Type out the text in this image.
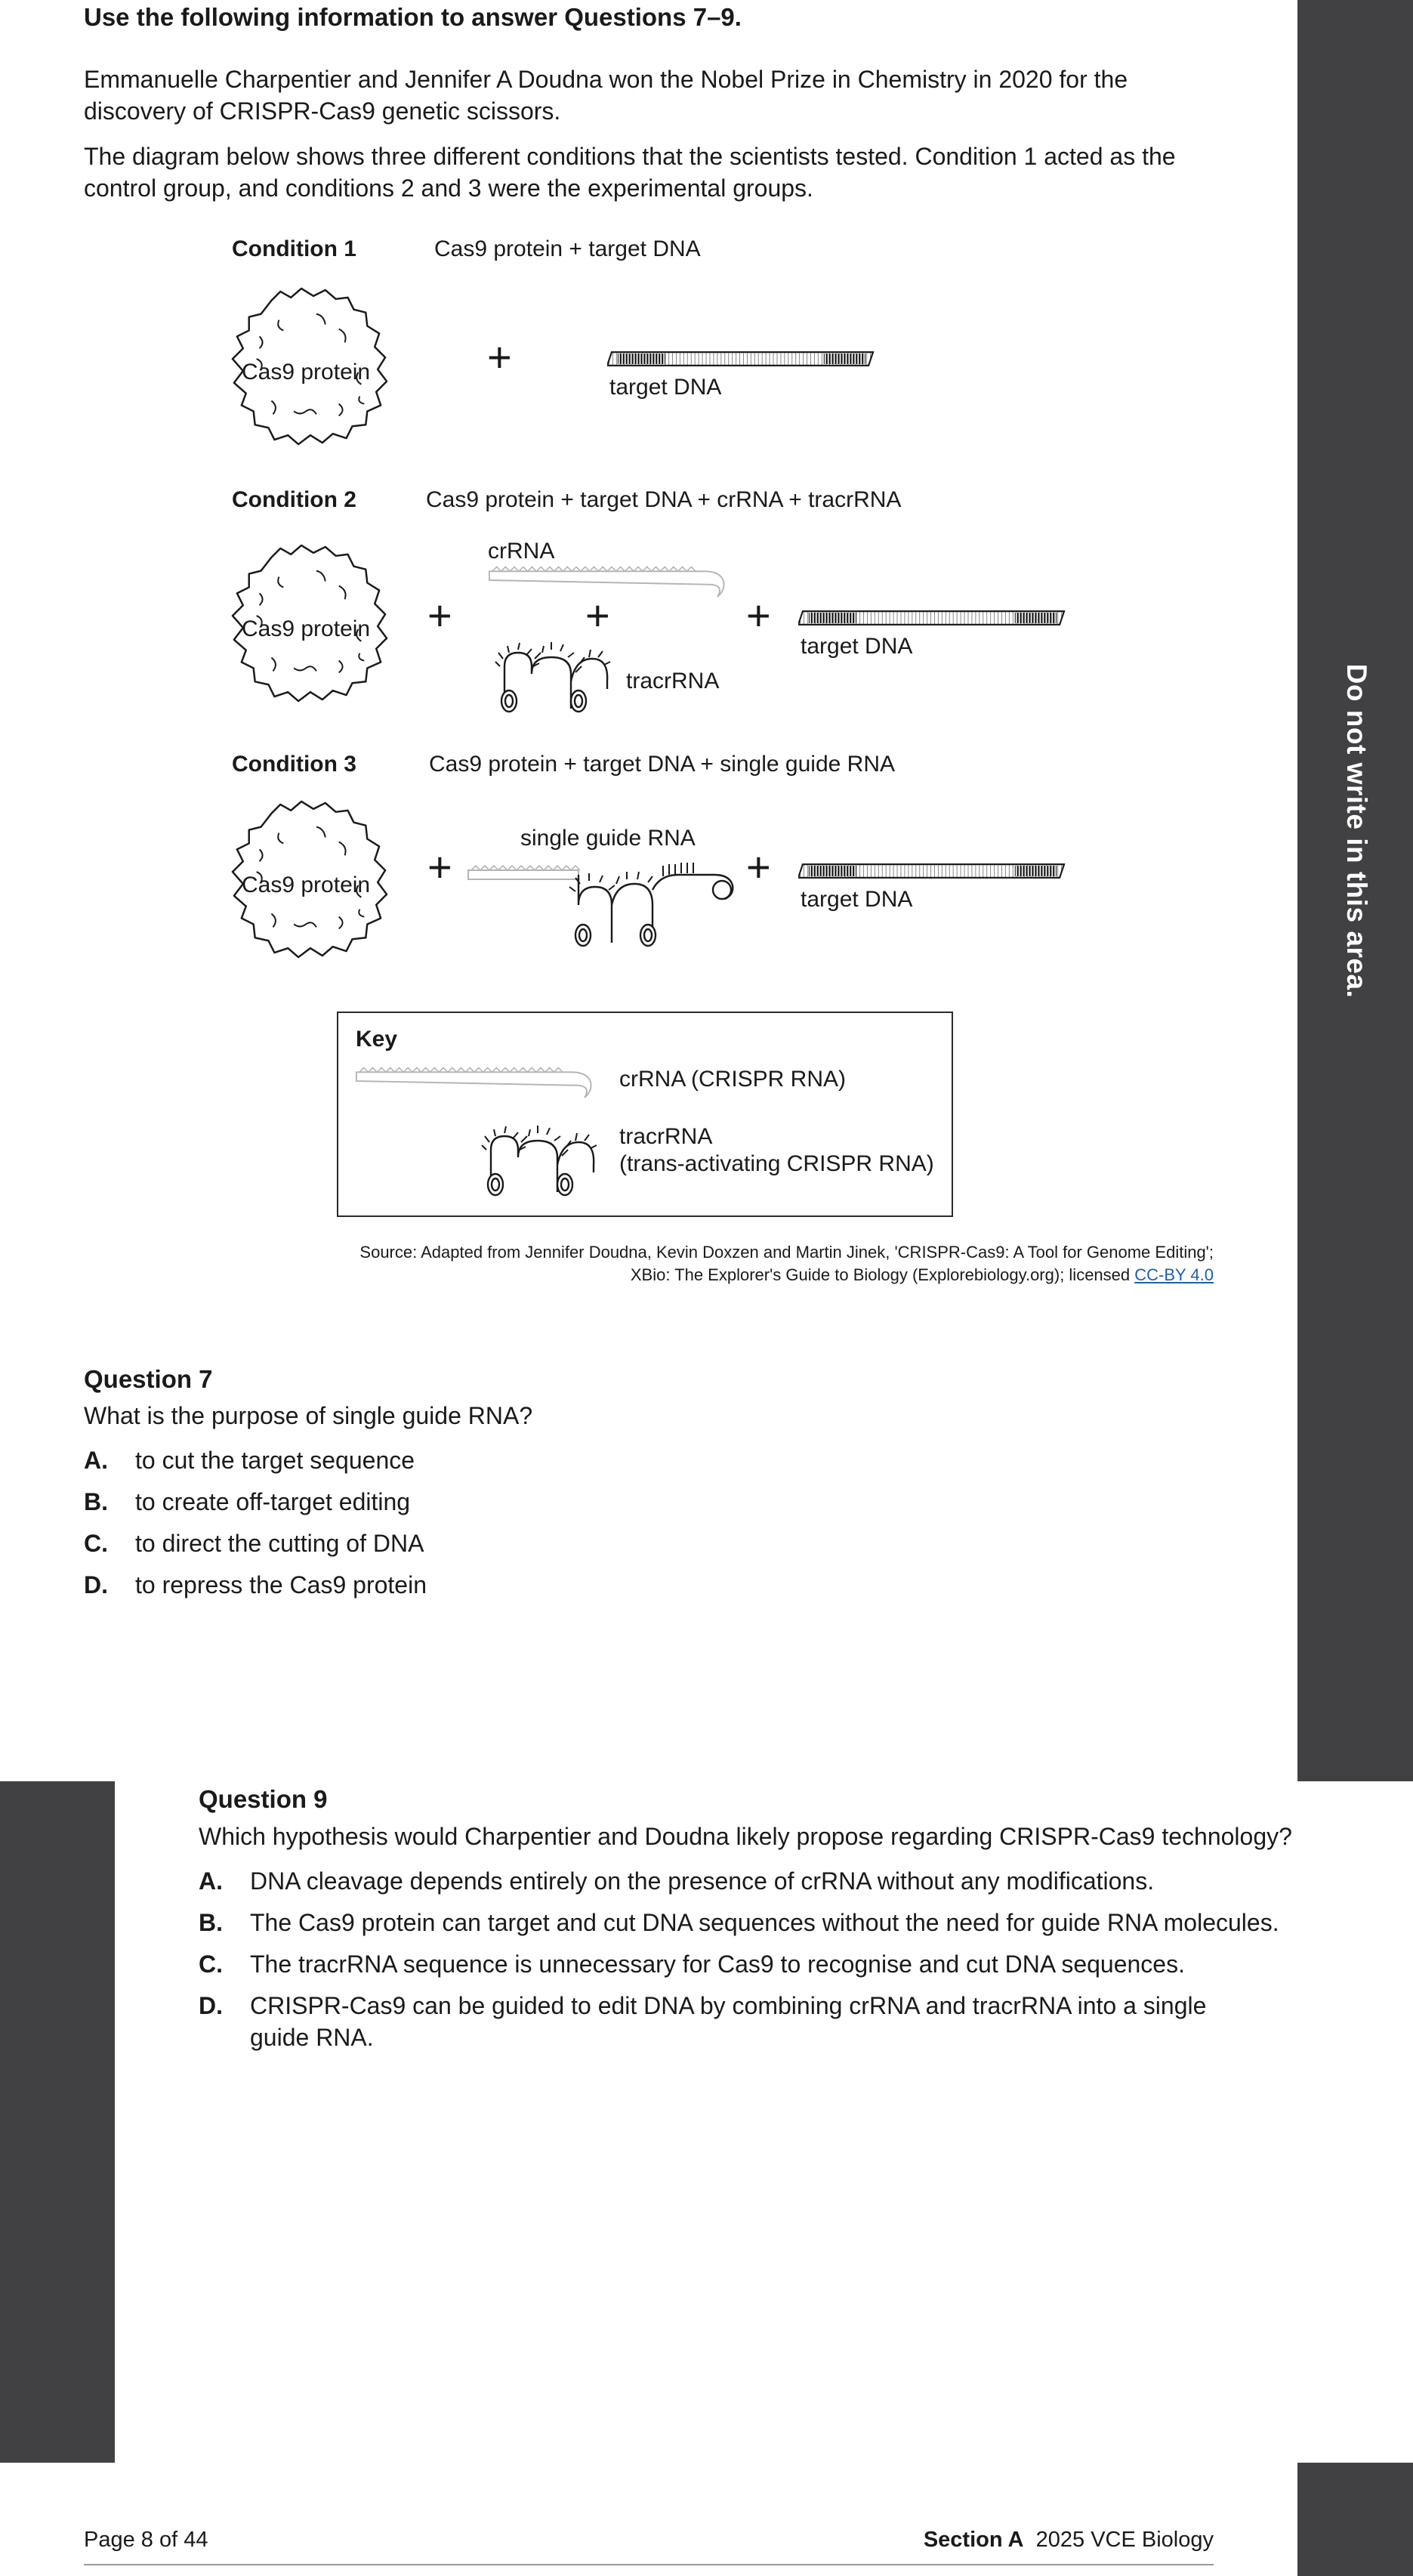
Do not write in this area.
Use the following information to answer Questions 7–9.
Emmanuelle Charpentier and Jennifer A Doudna won the Nobel Prize in Chemistry in 2020 for the
discovery of CRISPR-Cas9 genetic scissors.
The diagram below shows three different conditions that the scientists tested. Condition 1 acted as the
control group, and conditions 2 and 3 were the experimental groups.
Condition 1	Cas9 protein + target DNA
Cas9 protein	+
target DNA
Condition 2	Cas9 protein + target DNA + crRNA + tracrRNA
Cas9 protein +
crRNA
+
tracrRNA
+
target DNA
Condition 3	Cas9 protein + target DNA + single guide RNA
Cas9 protein +
single guide RNA
+
target DNA
Key
crRNA (CRISPR RNA)
tracrRNA
(trans-activating CRISPR RNA)
Source: Adapted from Jennifer Doudna, Kevin Doxzen and Martin Jinek, 'CRISPR-Cas9: A Tool for Genome Editing';
XBio: The Explorer's Guide to Biology (Explorebiology.org); licensed CC-BY 4.0
Question 7
What is the purpose of single guide RNA?
A. to cut the target sequence
B. to create off-target editing
C. to direct the cutting of DNA
D. to repress the Cas9 protein
Question 9
Which hypothesis would Charpentier and Doudna likely propose regarding CRISPR-Cas9 technology?
A. DNA cleavage depends entirely on the presence of crRNA without any modifications.
B. The Cas9 protein can target and cut DNA sequences without the need for guide RNA molecules.
C. The tracrRNA sequence is unnecessary for Cas9 to recognise and cut DNA sequences.
D. CRISPR-Cas9 can be guided to edit DNA by combining crRNA and tracrRNA into a single
guide RNA.
Page 8 of 44	Section A 2025 VCE Biology
